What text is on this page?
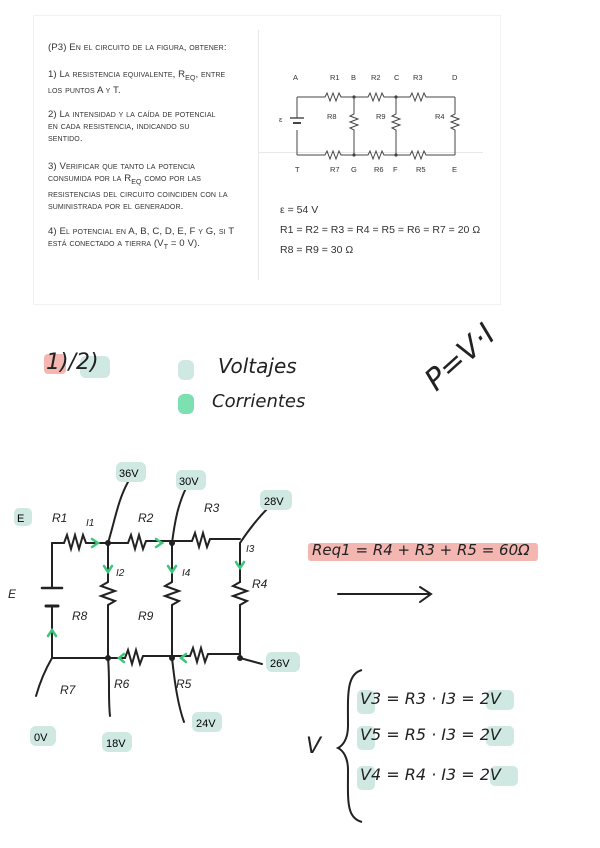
(P3) En el circuito de la figura, obtener:
1) La resistencia equivalente, $R_{EQ}$, entre
los puntos A y T.
2) La intensidad y la caída de potencial
en cada resistencia, indicando su
sentido.
3) Verificar que tanto la potencia
consumida por la $R_{EQ}$ como por las
resistencias del circuito coinciden con la
suministrada por el generador.
4) El potencial en A, B, C, D, E, F y G, si T
está conectado a tierra ($V_T = 0$ V).
ε = 54 V
R1 = R2 = R3 = R4 = R5 = R6 = R7 = 20 Ω
R8 = R9 = 30 Ω
A	B	C	D
R1	R2	R3
R8	R9	R4
ε
T	G	F	E
R7	R6	R5
1)/2)	Voltajes
Corrientes
P=V·I
E
36V
30V
28V
26V
24V
18V
0V
E
R1	R2
R3
R4
R5
R6
R7
R8	R9
I1
I2
I3
I4
Req1 = R4 + R3 + R5 = 60Ω
V
V3 = R3 · I3 = 2V
V5 = R5 · I3 = 2V
V4 = R4 · I3 = 2V
